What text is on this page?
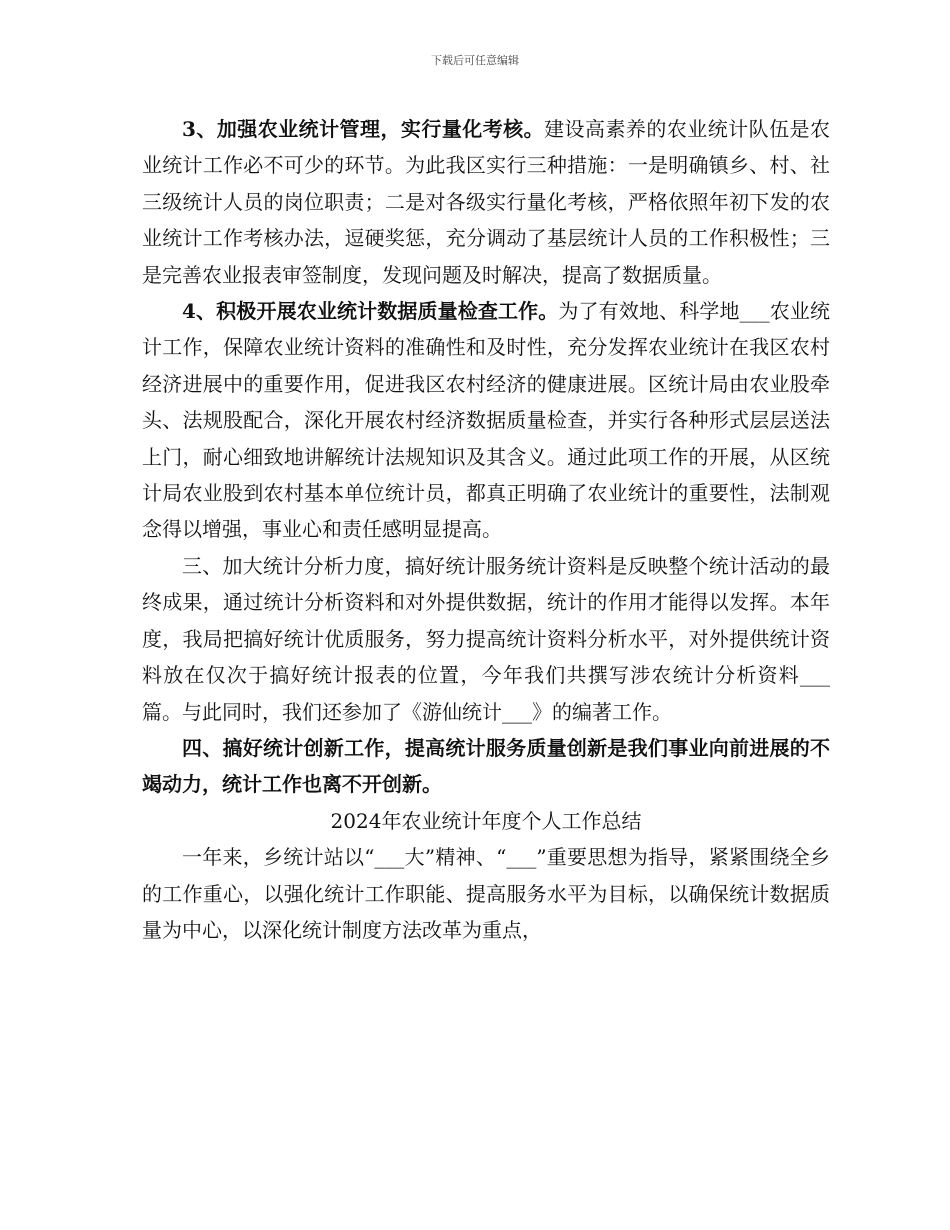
下载后可任意编辑

3、加强农业统计管理，实行量化考核。建设高素养的农业统计队伍是农业统计工作必不可少的环节。为此我区实行三种措施：一是明确镇乡、村、社三级统计人员的岗位职责；二是对各级实行量化考核，严格依照年初下发的农业统计工作考核办法，逗硬奖惩，充分调动了基层统计人员的工作积极性；三是完善农业报表审签制度，发现问题及时解决，提高了数据质量。

4、积极开展农业统计数据质量检查工作。为了有效地、科学地___农业统计工作，保障农业统计资料的准确性和及时性，充分发挥农业统计在我区农村经济进展中的重要作用，促进我区农村经济的健康进展。区统计局由农业股牵头、法规股配合，深化开展农村经济数据质量检查，并实行各种形式层层送法上门，耐心细致地讲解统计法规知识及其含义。通过此项工作的开展，从区统计局农业股到农村基本单位统计员，都真正明确了农业统计的重要性，法制观念得以增强，事业心和责任感明显提高。

三、加大统计分析力度，搞好统计服务统计资料是反映整个统计活动的最终成果，通过统计分析资料和对外提供数据，统计的作用才能得以发挥。本年度，我局把搞好统计优质服务，努力提高统计资料分析水平，对外提供统计资料放在仅次于搞好统计报表的位置，今年我们共撰写涉农统计分析资料___篇。与此同时，我们还参加了《游仙统计___》的编著工作。

四、搞好统计创新工作，提高统计服务质量创新是我们事业向前进展的不竭动力，统计工作也离不开创新。

2024年农业统计年度个人工作总结

一年来，乡统计站以“___大”精神、“___”重要思想为指导，紧紧围绕全乡的工作重心，以强化统计工作职能、提高服务水平为目标，以确保统计数据质量为中心，以深化统计制度方法改革为重点，
